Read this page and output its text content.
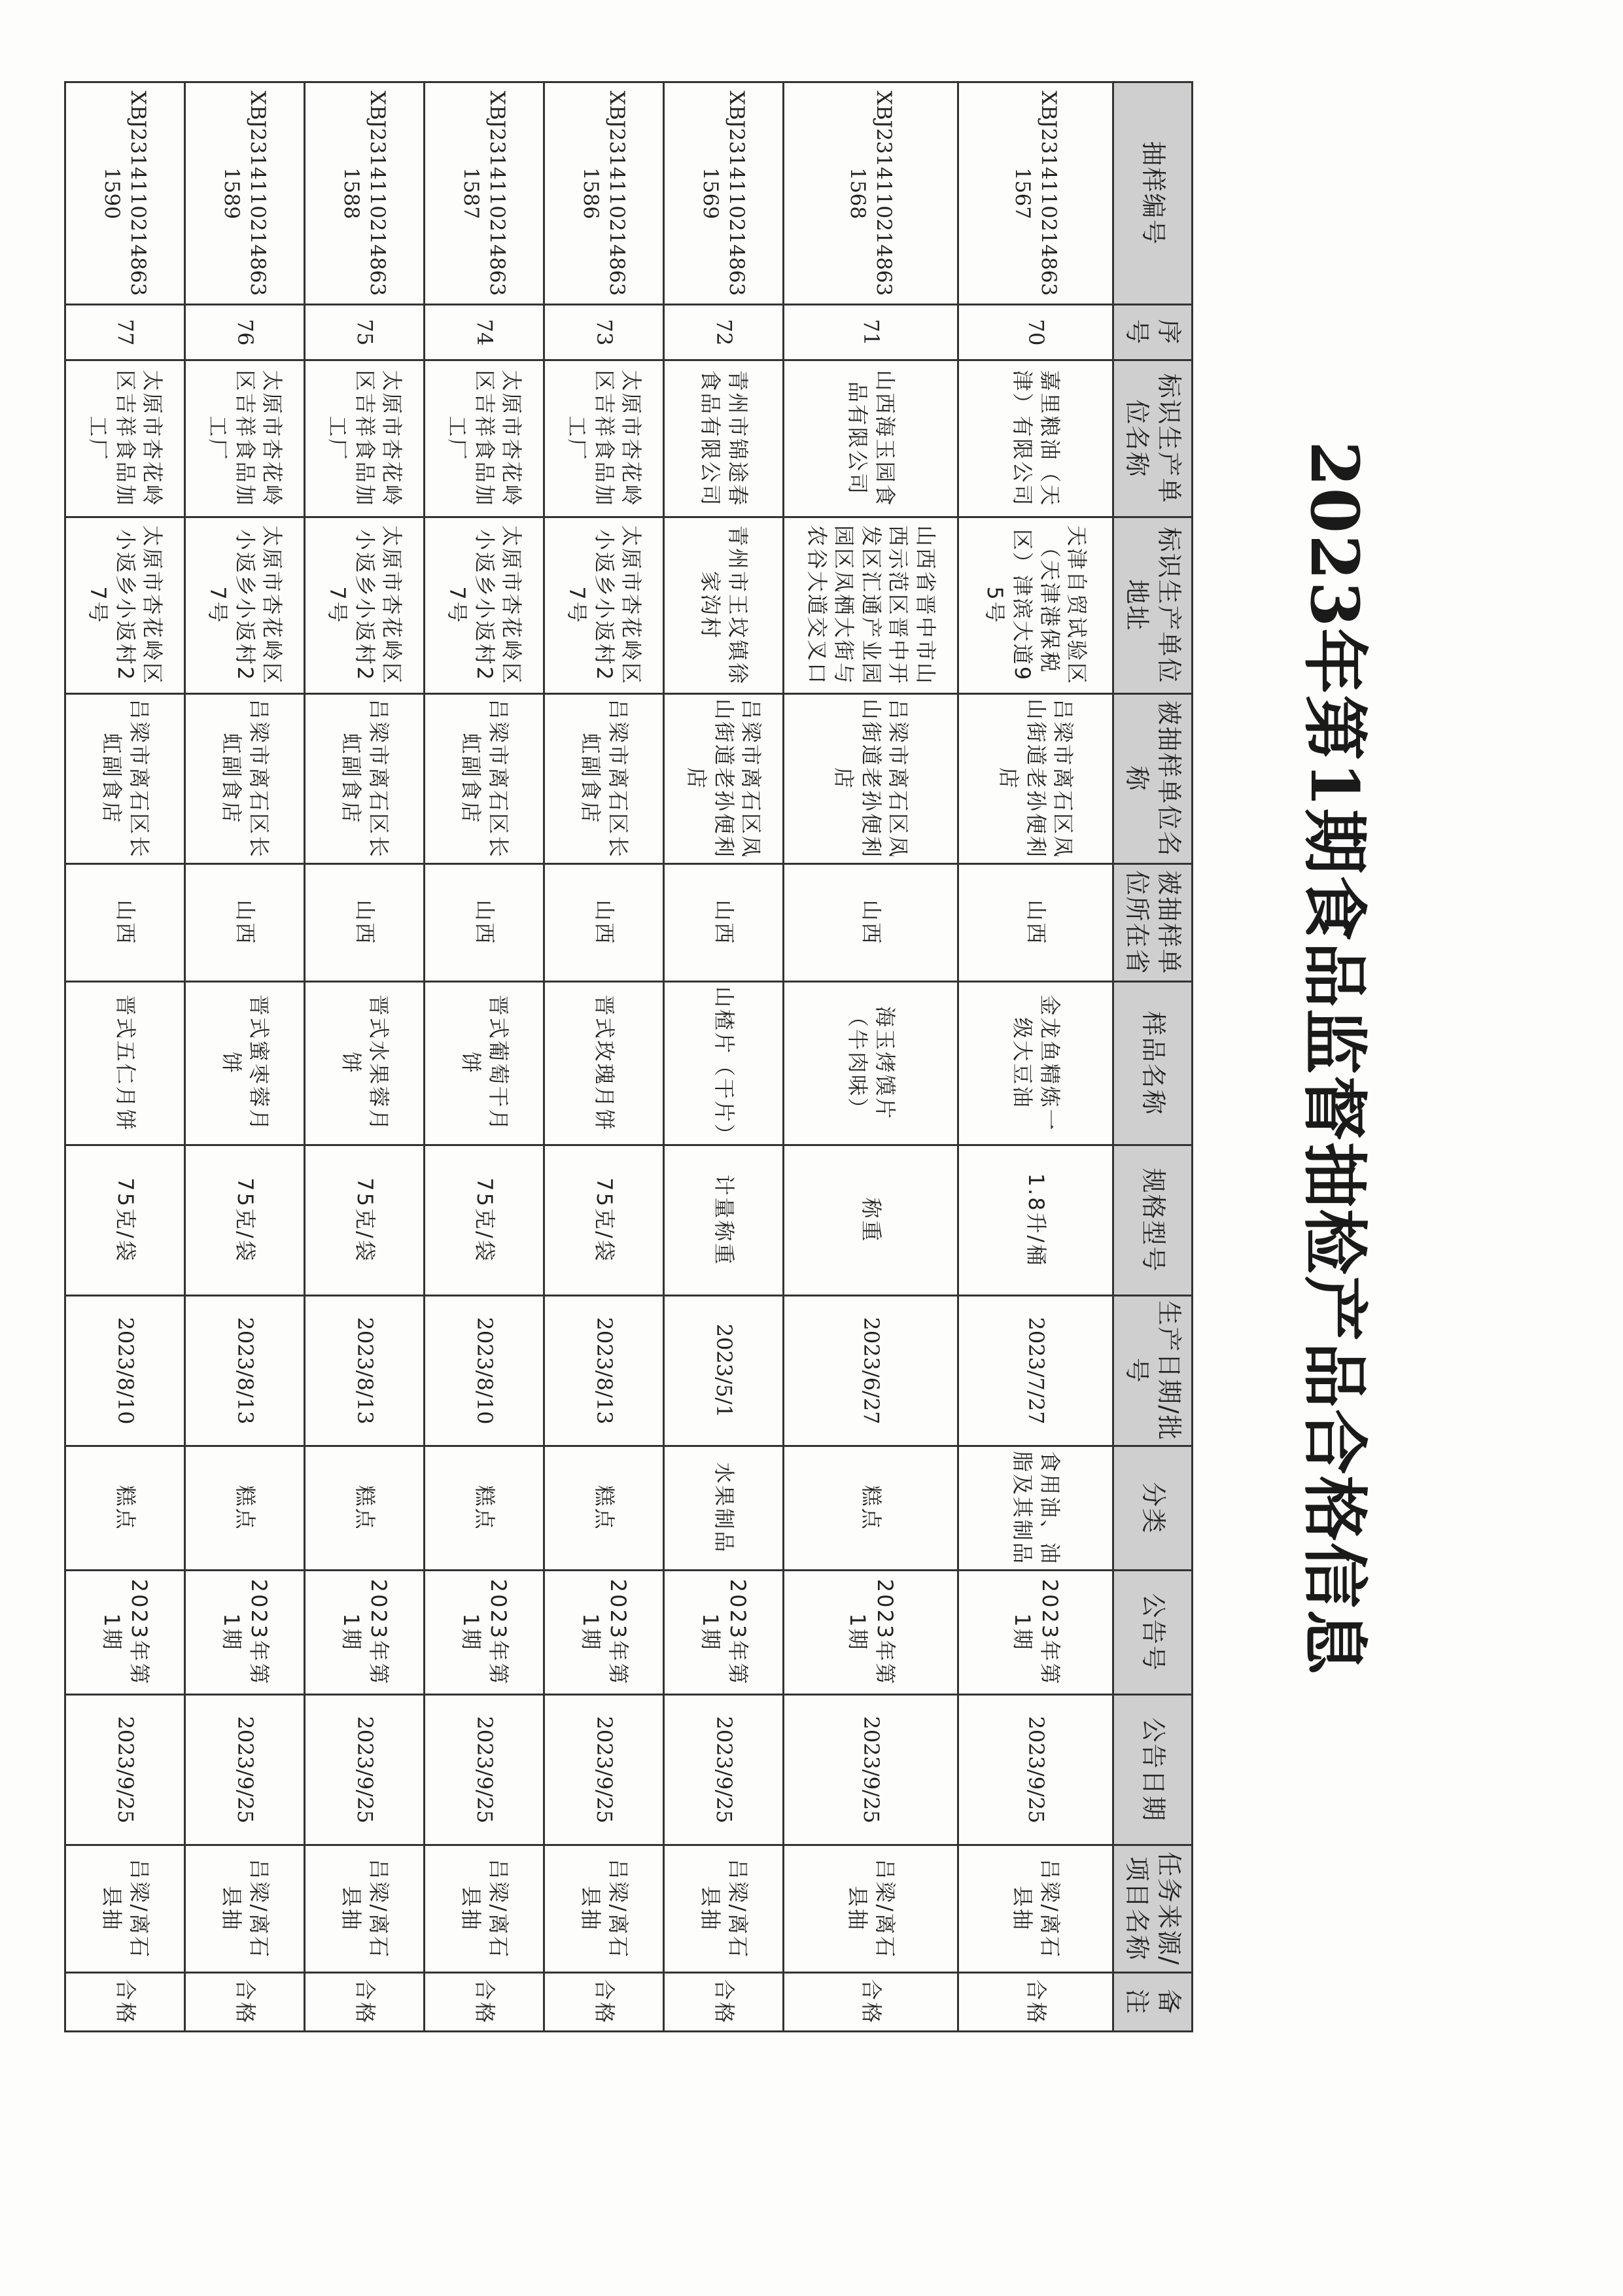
2023年第1期食品监督抽检产品合格信息
抽样编号	序号	标识生产单位名称	标识生产单位地址	被抽样单位名称	被抽样单位所在省	样品名称	规格型号	生产日期/批号	分类	公告号	公告日期	任务来源/项目名称	备注
XBJ23141102148631567	70	嘉里粮油（天津）有限公司	天津自贸试验区（天津港保税区）津滨大道95号	吕梁市离石区凤山街道老孙便利店	山西	金龙鱼精炼一级大豆油	1.8升/桶	2023/7/27	食用油、油脂及其制品	2023年第1期	2023/9/25	吕梁/离石县抽	合格
XBJ23141102148631568	71	山西海玉园食品有限公司	山西省晋中市山西示范区晋中开发区汇通产业园园区凤栖大街与农谷大道交叉口	吕梁市离石区凤山街道老孙便利店	山西	海玉烤馍片（牛肉味）	称重	2023/6/27	糕点	2023年第1期	2023/9/25	吕梁/离石县抽	合格
XBJ23141102148631569	72	青州市锦途春食品有限公司	青州市王坟镇徐家沟村	吕梁市离石区凤山街道老孙便利店	山西	山楂片（干片）	计量称重	2023/5/1	水果制品	2023年第1期	2023/9/25	吕梁/离石县抽	合格
XBJ23141102148631586	73	太原市杏花岭区吉祥食品加工厂	太原市杏花岭区小返乡小返村27号	吕梁市离石区长虹副食店	山西	晋式玫瑰月饼	75克/袋	2023/8/13	糕点	2023年第1期	2023/9/25	吕梁/离石县抽	合格
XBJ23141102148631587	74	太原市杏花岭区吉祥食品加工厂	太原市杏花岭区小返乡小返村27号	吕梁市离石区长虹副食店	山西	晋式葡萄干月饼	75克/袋	2023/8/10	糕点	2023年第1期	2023/9/25	吕梁/离石县抽	合格
XBJ23141102148631588	75	太原市杏花岭区吉祥食品加工厂	太原市杏花岭区小返乡小返村27号	吕梁市离石区长虹副食店	山西	晋式水果蓉月饼	75克/袋	2023/8/13	糕点	2023年第1期	2023/9/25	吕梁/离石县抽	合格
XBJ23141102148631589	76	太原市杏花岭区吉祥食品加工厂	太原市杏花岭区小返乡小返村27号	吕梁市离石区长虹副食店	山西	晋式蜜枣蓉月饼	75克/袋	2023/8/13	糕点	2023年第1期	2023/9/25	吕梁/离石县抽	合格
XBJ23141102148631590	77	太原市杏花岭区吉祥食品加工厂	太原市杏花岭区小返乡小返村27号	吕梁市离石区长虹副食店	山西	晋式五仁月饼	75克/袋	2023/8/10	糕点	2023年第1期	2023/9/25	吕梁/离石县抽	合格
